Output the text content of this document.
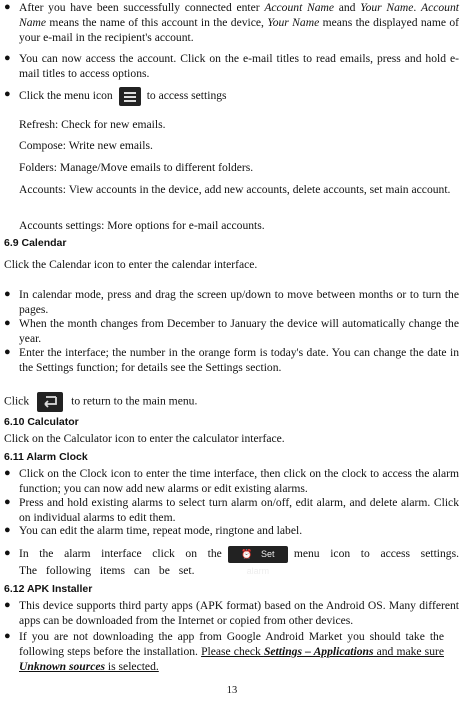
● After you have been successfully connected enter Account Name and Your Name. Account Name means the name of this account in the device, Your Name means the displayed name of your e-mail in the recipient's account.
● You can now access the account. Click on the e-mail titles to read emails, press and hold e-mail titles to access options.
● Click the menu icon	to access settings

Refresh: Check for new emails.

Compose: Write new emails.

Folders: Manage/Move emails to different folders.

Accounts: View accounts in the device, add new accounts, delete accounts, set main account.

Accounts settings: More options for e-mail accounts.

6.9 Calendar

Click the Calendar icon to enter the calendar interface.

● In calendar mode, press and drag the screen up/down to move between months or to turn the pages.
● When the month changes from December to January the device will automatically change the year.
● Enter the interface; the number in the orange form is today's date. You can change the date in the Settings function; for details see the Settings section.
Click	to return to the main menu.
6.10 Calculator

Click on the Calculator icon to enter the calculator interface.

6.11 Alarm Clock
● Click on the Clock icon to enter the time interface, then click on the clock to access the alarm function; you can now add new alarms or edit existing alarms.
● Press and hold existing alarms to select turn alarm on/off, edit alarm, and delete alarm. Click on individual alarms to edit them.
● You can edit the alarm time, repeat mode, ringtone and label.
● In the alarm interface click on the ⏰ Set alarmmenu icon to access settings. The following items can be set.
6.12 APK Installer
● This device supports third party apps (APK format) based on the Android OS. Many different apps can be downloaded from the Internet or copied from other devices.
● If you are not downloading the app from Google Android Market you should take the following steps before the installation. Please check Settings – Applications and make sure Unknown sources is selected.
13
